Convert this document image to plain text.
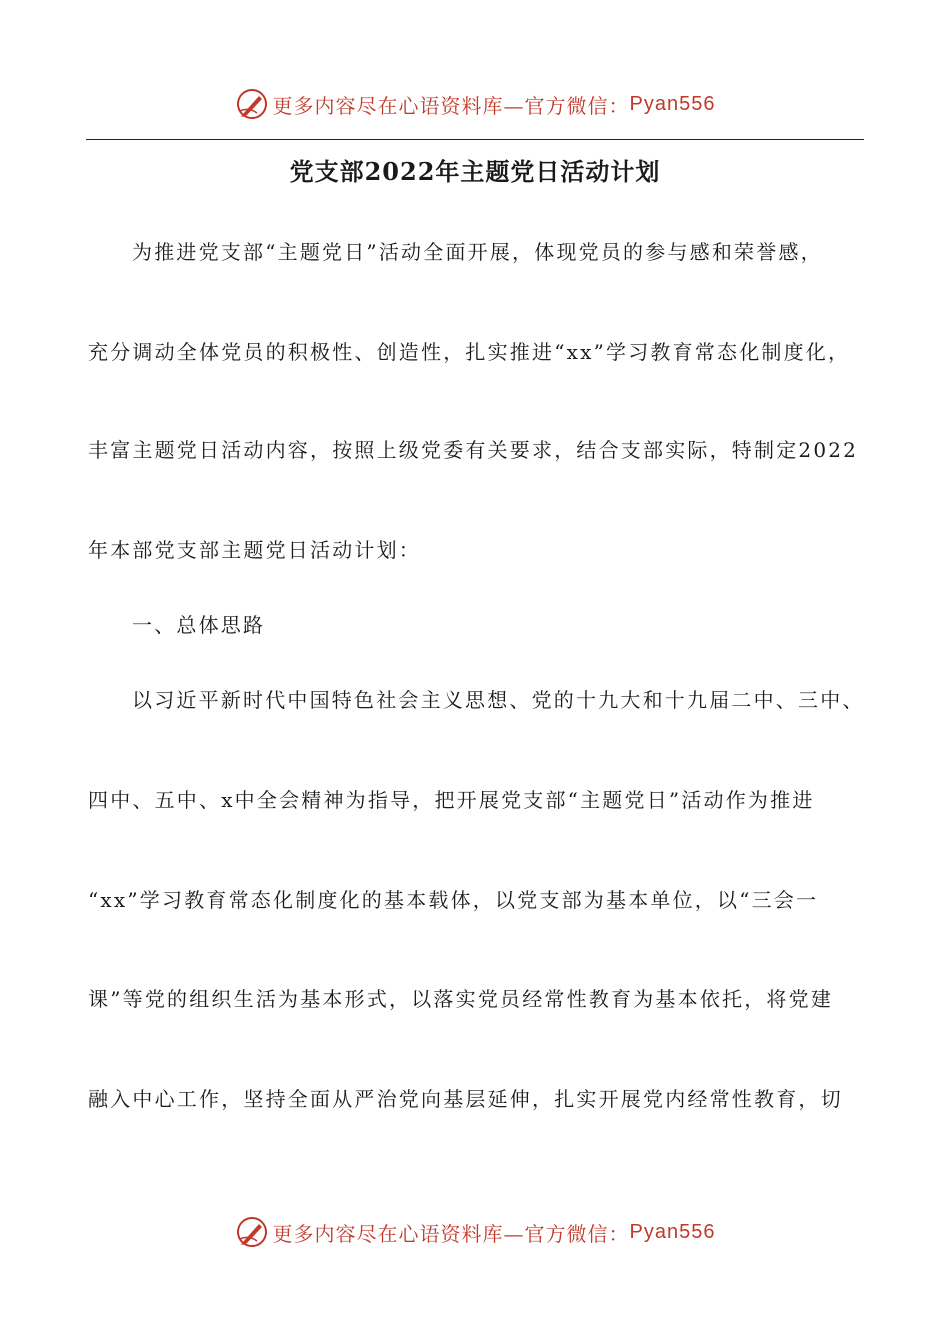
更多内容尽在心语资料库—官方微信： Pyan556
党支部2022年主题党日活动计划
为推进党支部“主题党日”活动全面开展，体现党员的参与感和荣誉感，
充分调动全体党员的积极性、创造性，扎实推进“xx”学习教育常态化制度化，
丰富主题党日活动内容，按照上级党委有关要求，结合支部实际，特制定2022
年本部党支部主题党日活动计划：
一、总体思路
以习近平新时代中国特色社会主义思想、党的十九大和十九届二中、三中、
四中、五中、x中全会精神为指导，把开展党支部“主题党日”活动作为推进
“xx”学习教育常态化制度化的基本载体，以党支部为基本单位，以“三会一
课”等党的组织生活为基本形式，以落实党员经常性教育为基本依托，将党建
融入中心工作，坚持全面从严治党向基层延伸，扎实开展党内经常性教育，切
更多内容尽在心语资料库—官方微信： Pyan556
